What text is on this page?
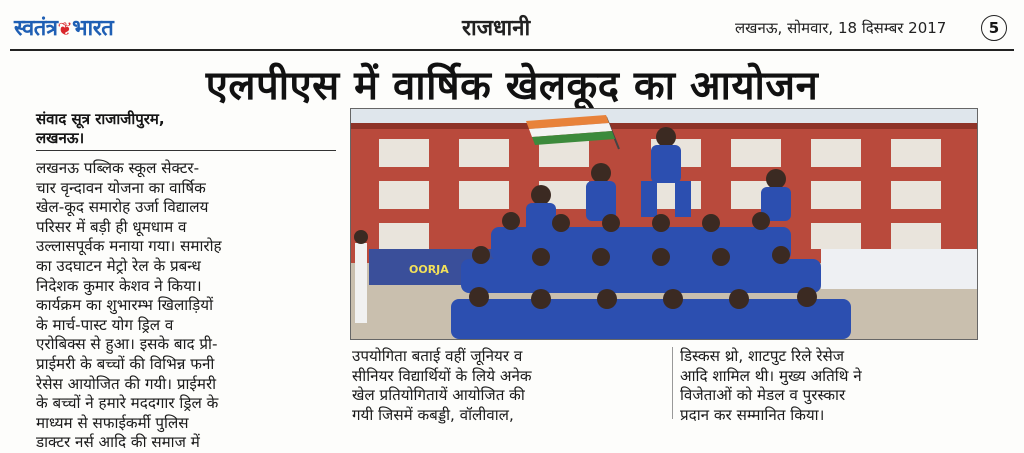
स्वतंत्र❦भारत	राजधानी	लखनऊ, सोमवार, 18 दिसम्बर 2017	5
एलपीएस में वार्षिक खेलकूद का आयोजन
संवाद सूत्र राजाजीपुरम,
लखनऊ।
लखनऊ पब्लिक स्कूल सेक्टर-
चार वृन्दावन योजना का वार्षिक
खेल-कूद समारोह उर्जा विद्यालय
परिसर में बड़ी ही धूमधाम व
उल्लासपूर्वक मनाया गया। समारोह
का उदघाटन मेट्रो रेल के प्रबन्ध
निदेशक कुमार केशव ने किया।
कार्यक्रम का शुभारम्भ खिलाड़ियों
के मार्च-पास्ट योग ड्रिल व
एरोबिक्स से हुआ। इसके बाद प्री-
प्राईमरी के बच्चों की विभिन्न फनी
रेसेस आयोजित की गयी। प्राईमरी
के बच्चों ने हमारे मददगार ड्रिल के
माध्यम से सफाईकर्मी पुलिस
डाक्टर नर्स आदि की समाज में
OORJA
उपयोगिता बताई वहीं जूनियर व
सीनियर विद्यार्थियों के लिये अनेक
खेल प्रतियोगितायें आयोजित की
गयी जिसमें कबड्डी, वॉलीवाल,
डिस्कस थ्रो, शाटपुट रिले रेसेज
आदि शामिल थी। मुख्य अतिथि ने
विजेताओं को मेडल व पुरस्कार
प्रदान कर सम्मानित किया।
